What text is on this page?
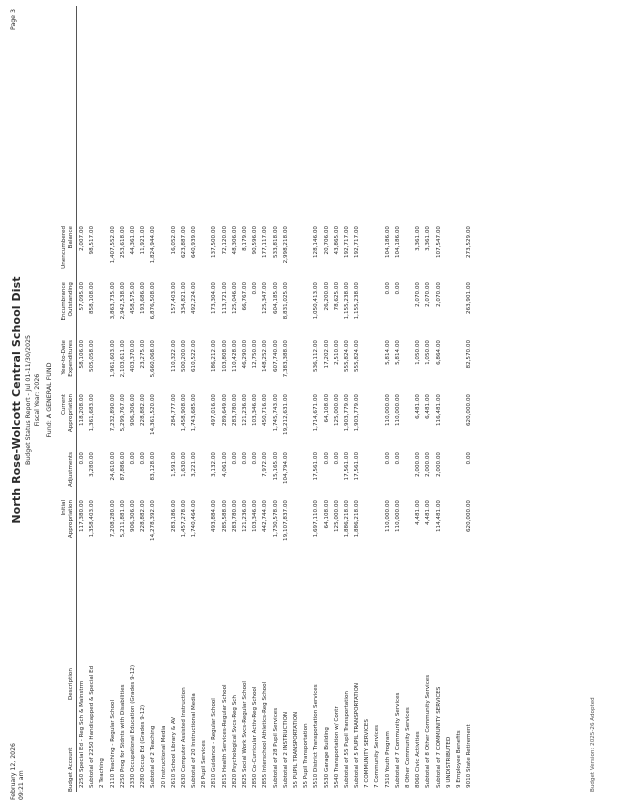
February 12, 2026 09:21 am
Page 3
North Rose-Wolcott Central School Dist Budget Status Report - Jul 01-11/30/2025 Fiscal Year: 2026 Fund: A GENERAL FUND
Budget Account
Description
Initial Appropriation
Adjustments
Current Appropriation
Year-to-Date Expenditures
Encumbrance Outstanding
Unencumbered Balance
2250 Special Ed - Reg Sch & Mainstrm
117,380.00
0.00
118,208.00
58,106.00
57,095.00
2,007.00
Subtotal of 2250 Handicapped & Special Ed
1,358,403.00
3,280.00
1,361,683.00
505,058.00
858,108.00
98,517.00
2 Teaching 2110 Teaching - Regular School
7,208,280.00
24,610.00
7,232,890.00
1,961,603.00
3,863,735.00
1,407,552.00
2250 Prog for Stdnts with Disabilities
5,211,881.00
87,886.00
5,299,767.00
2,103,611.00
2,942,538.00
253,618.00
2330 Occupational Education (Grades 9-12)
906,306.00
0.00
906,306.00
403,370.00
458,575.00
44,361.00
2280 Occup Ed (Grades 9-12)
228,882.00
0.00
228,882.00
23,275.00
193,686.00
11,921.00
Subtotal of 2 Teaching
14,278,392.00
83,128.00
14,361,520.00
5,660,068.00
6,876,508.00
1,824,944.00
20 Instructional Media 2610 School Library & AV
283,186.00
1,591.00
284,777.00
110,322.00
157,403.00
16,052.00
2630 Computer Assisted Instruction
1,457,278.00
1,630.00
1,458,908.00
500,200.00
334,821.00
623,887.00
Subtotal of 20 Instructional Media
1,740,464.00
3,221.00
1,743,685.00
610,522.00
492,224.00
640,939.00
28 Pupil Services 2810 Guidance - Regular School
493,884.00
3,132.00
497,016.00
186,212.00
173,304.00
137,500.00
2815 Health Services-Regular School
285,588.00
4,061.00
289,649.00
103,808.00
113,721.00
72,120.00
2820 Psychological Svcs-Reg Sch
283,780.00
0.00
283,780.00
110,428.00
125,046.00
48,306.00
2825 Social Work Svcs-Regular School
121,236.00
0.00
121,236.00
46,290.00
66,767.00
8,179.00
2850 Co-Curricular Activ-Reg School
103,346.00
0.00
103,346.00
12,750.00
0.00
90,596.00
2855 Interschool Athletics-Reg School
442,744.00
7,972.00
450,716.00
148,252.00
125,347.00
177,117.00
Subtotal of 28 Pupil Services
1,730,578.00
15,165.00
1,745,743.00
607,740.00
604,185.00
533,818.00
Subtotal of 2 INSTRUCTION
19,107,837.00
104,794.00
19,212,631.00
7,383,388.00
8,831,025.00
2,998,218.00
55 PUPIL TRANSPORTATION 55 Pupil Transportation 5510 District Transportation Services
1,697,110.00
17,561.00
1,714,671.00
536,112.00
1,050,413.00
128,146.00
5530 Garage Building
64,108.00
0.00
64,108.00
17,202.00
26,200.00
20,706.00
5540 Transportation w/ Contr
125,000.00
0.00
125,000.00
2,510.00
78,625.00
43,865.00
Subtotal of 55 Pupil Transportation
1,886,218.00
17,561.00
1,903,779.00
555,824.00
1,155,238.00
192,717.00
Subtotal of 5 PUPIL TRANSPORTATION
1,886,218.00
17,561.00
1,903,779.00
555,824.00
1,155,238.00
192,717.00
7 COMMUNITY SERVICES 7 Community Services 7310 Youth Program
110,000.00
0.00
110,000.00
5,814.00
0.00
104,186.00
Subtotal of 7 Community Services
110,000.00
0.00
110,000.00
5,814.00
0.00
104,186.00
8 Other Community Services 8060 Civic Activities
4,481.00
2,000.00
6,481.00
1,050.00
2,070.00
3,361.00
Subtotal of 8 Other Community Services
4,481.00
2,000.00
6,481.00
1,050.00
2,070.00
3,361.00
Subtotal of 7 COMMUNITY SERVICES
114,481.00
2,000.00
116,481.00
6,864.00
2,070.00
107,547.00
9 UNDISTRIBUTED 9 Employee Benefits 9010 State Retirement
620,000.00
0.00
620,000.00
82,570.00
263,901.00
273,529.00
Budget Version: 2025-26 Adopted
